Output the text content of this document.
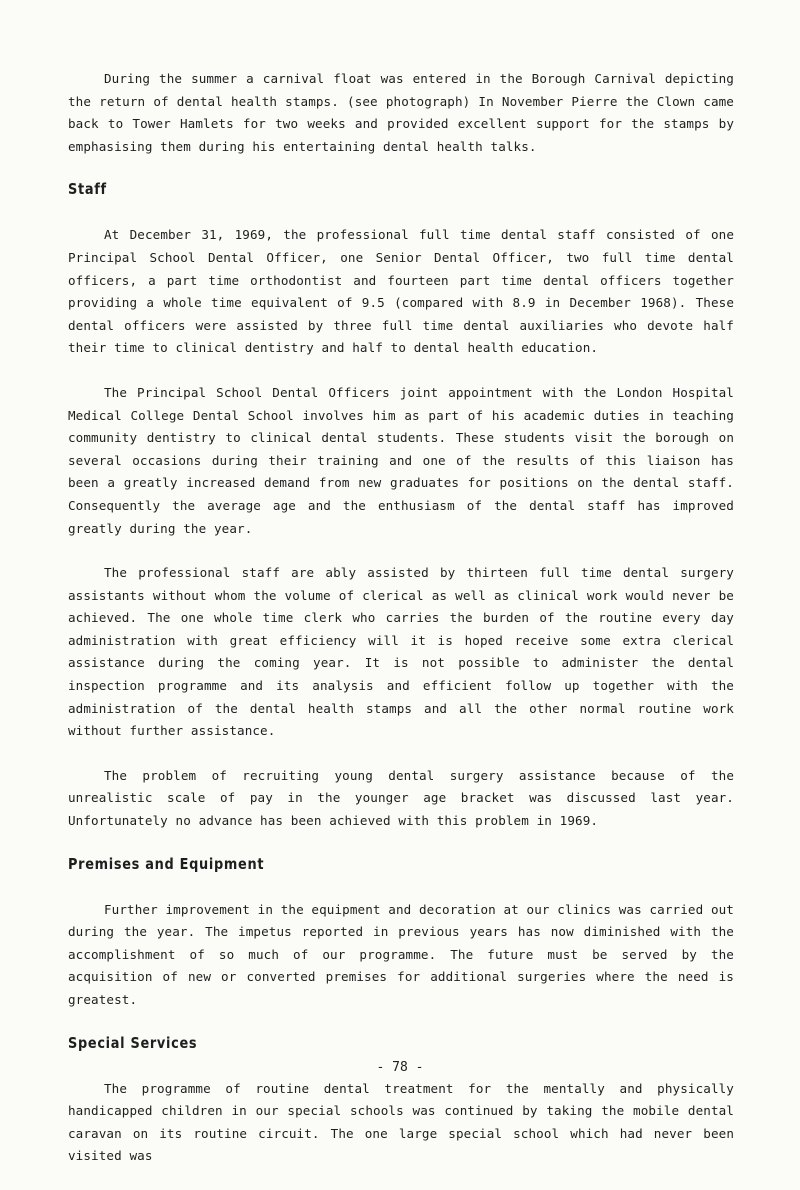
During the summer a carnival float was entered in the Borough Carnival depicting the return of dental health stamps. (see photograph) In November Pierre the Clown came back to Tower Hamlets for two weeks and provided excellent support for the stamps by emphasising them during his entertaining dental health talks.

Staff

At December 31, 1969, the professional full time dental staff consisted of one Principal School Dental Officer, one Senior Dental Officer, two full time dental officers, a part time orthodontist and fourteen part time dental officers together providing a whole time equivalent of 9.5 (compared with 8.9 in December 1968). These dental officers were assisted by three full time dental auxiliaries who devote half their time to clinical dentistry and half to dental health education.

The Principal School Dental Officers joint appointment with the London Hospital Medical College Dental School involves him as part of his academic duties in teaching community dentistry to clinical dental students. These students visit the borough on several occasions during their training and one of the results of this liaison has been a greatly increased demand from new graduates for positions on the dental staff. Consequently the average age and the enthusiasm of the dental staff has improved greatly during the year.

The professional staff are ably assisted by thirteen full time dental surgery assistants without whom the volume of clerical as well as clinical work would never be achieved. The one whole time clerk who carries the burden of the routine every day administration with great efficiency will it is hoped receive some extra clerical assistance during the coming year. It is not possible to administer the dental inspection programme and its analysis and efficient follow up together with the administration of the dental health stamps and all the other normal routine work without further assistance.

The problem of recruiting young dental surgery assistance because of the unrealistic scale of pay in the younger age bracket was discussed last year. Unfortunately no advance has been achieved with this problem in 1969.

Premises and Equipment

Further improvement in the equipment and decoration at our clinics was carried out during the year. The impetus reported in previous years has now diminished with the accomplishment of so much of our programme. The future must be served by the acquisition of new or converted premises for additional surgeries where the need is greatest.

Special Services

The programme of routine dental treatment for the mentally and physically handicapped children in our special schools was continued by taking the mobile dental caravan on its routine circuit. The one large special school which had never been visited was

- 78 -
